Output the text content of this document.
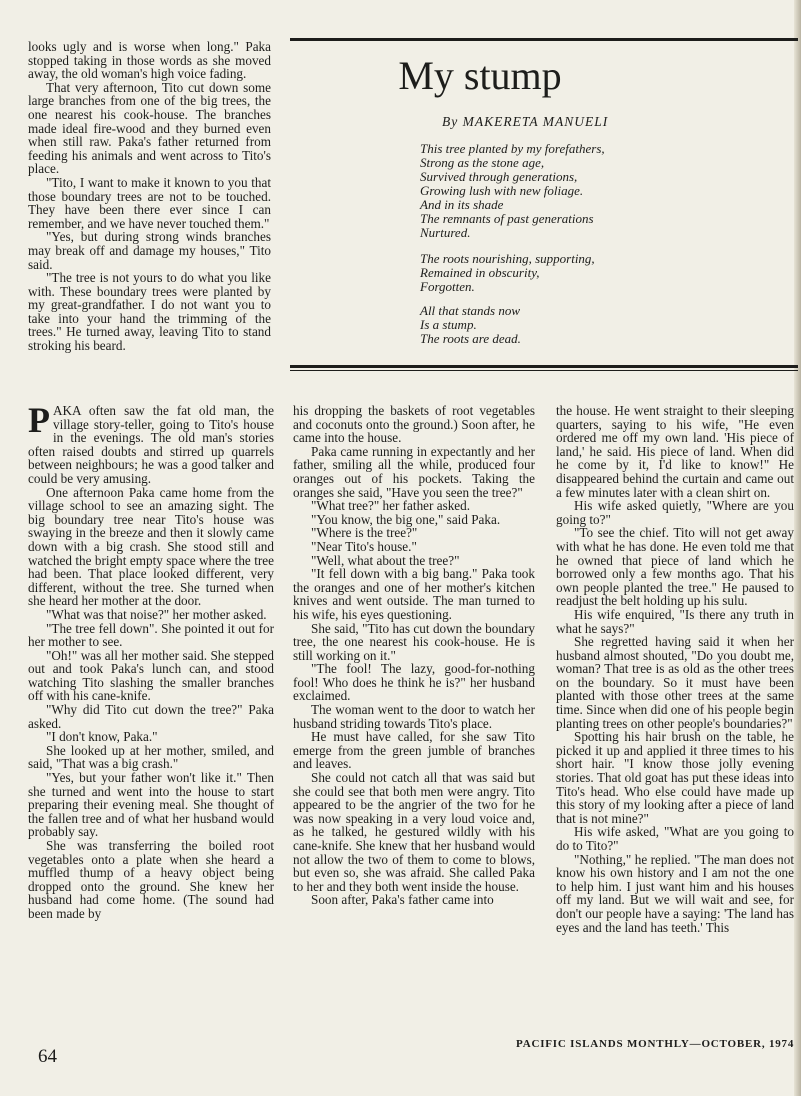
looks ugly and is worse when long." Paka stopped taking in those words as she moved away, the old woman's high voice fading.

That very afternoon, Tito cut down some large branches from one of the big trees, the one nearest his cook-house. The branches made ideal fire-wood and they burned even when still raw. Paka's father returned from feeding his animals and went across to Tito's place.

"Tito, I want to make it known to you that those boundary trees are not to be touched. They have been there ever since I can remember, and we have never touched them."

"Yes, but during strong winds branches may break off and damage my houses," Tito said.

"The tree is not yours to do what you like with. These boundary trees were planted by my great-grandfather. I do not want you to take into your hand the trimming of the trees." He turned away, leaving Tito to stand stroking his beard.

My stump
By MAKERETA MANUELI
This tree planted by my forefathers,
Strong as the stone age,
Survived through generations,
Growing lush with new foliage.
And in its shade
The remnants of past generations
Nurtured.
The roots nourishing, supporting,
Remained in obscurity,
Forgotten.
All that stands now
Is a stump.
The roots are dead.

PAKA often saw the fat old man, the village story-teller, going to Tito's house in the evenings. The old man's stories often raised doubts and stirred up quarrels between neighbours; he was a good talker and could be very amusing.

One afternoon Paka came home from the village school to see an amazing sight. The big boundary tree near Tito's house was swaying in the breeze and then it slowly came down with a big crash. She stood still and watched the bright empty space where the tree had been. That place looked different, very different, without the tree. She turned when she heard her mother at the door.

"What was that noise?" her mother asked.

"The tree fell down". She pointed it out for her mother to see.

"Oh!" was all her mother said. She stepped out and took Paka's lunch can, and stood watching Tito slashing the smaller branches off with his cane-knife.

"Why did Tito cut down the tree?" Paka asked.

"I don't know, Paka."

She looked up at her mother, smiled, and said, "That was a big crash."

"Yes, but your father won't like it." Then she turned and went into the house to start preparing their evening meal. She thought of the fallen tree and of what her husband would probably say.

She was transferring the boiled root vegetables onto a plate when she heard a muffled thump of a heavy object being dropped onto the ground. She knew her husband had come home. (The sound had been made by

his dropping the baskets of root vegetables and coconuts onto the ground.) Soon after, he came into the house.

Paka came running in expectantly and her father, smiling all the while, produced four oranges out of his pockets. Taking the oranges she said, "Have you seen the tree?"

"What tree?" her father asked.

"You know, the big one," said Paka.

"Where is the tree?"

"Near Tito's house."

"Well, what about the tree?"

"It fell down with a big bang." Paka took the oranges and one of her mother's kitchen knives and went outside. The man turned to his wife, his eyes questioning.

She said, "Tito has cut down the boundary tree, the one nearest his cook-house. He is still working on it."

"The fool! The lazy, good-for-nothing fool! Who does he think he is?" her husband exclaimed.

The woman went to the door to watch her husband striding towards Tito's place.

He must have called, for she saw Tito emerge from the green jumble of branches and leaves.

She could not catch all that was said but she could see that both men were angry. Tito appeared to be the angrier of the two for he was now speaking in a very loud voice and, as he talked, he gestured wildly with his cane-knife. She knew that her husband would not allow the two of them to come to blows, but even so, she was afraid. She called Paka to her and they both went inside the house.

Soon after, Paka's father came into

the house. He went straight to their sleeping quarters, saying to his wife, "He even ordered me off my own land. 'His piece of land,' he said. His piece of land. When did he come by it, I'd like to know!" He disappeared behind the curtain and came out a few minutes later with a clean shirt on.

His wife asked quietly, "Where are you going to?"

"To see the chief. Tito will not get away with what he has done. He even told me that he owned that piece of land which he borrowed only a few months ago. That his own people planted the tree." He paused to readjust the belt holding up his sulu.

His wife enquired, "Is there any truth in what he says?"

She regretted having said it when her husband almost shouted, "Do you doubt me, woman? That tree is as old as the other trees on the boundary. So it must have been planted with those other trees at the same time. Since when did one of his people begin planting trees on other people's boundaries?"

Spotting his hair brush on the table, he picked it up and applied it three times to his short hair. "I know those jolly evening stories. That old goat has put these ideas into Tito's head. Who else could have made up this story of my looking after a piece of land that is not mine?"

His wife asked, "What are you going to do to Tito?"

"Nothing," he replied. "The man does not know his own history and I am not the one to help him. I just want him and his houses off my land. But we will wait and see, for don't our people have a saying: 'The land has eyes and the land has teeth.' This

PACIFIC ISLANDS MONTHLY—OCTOBER, 1974
64
